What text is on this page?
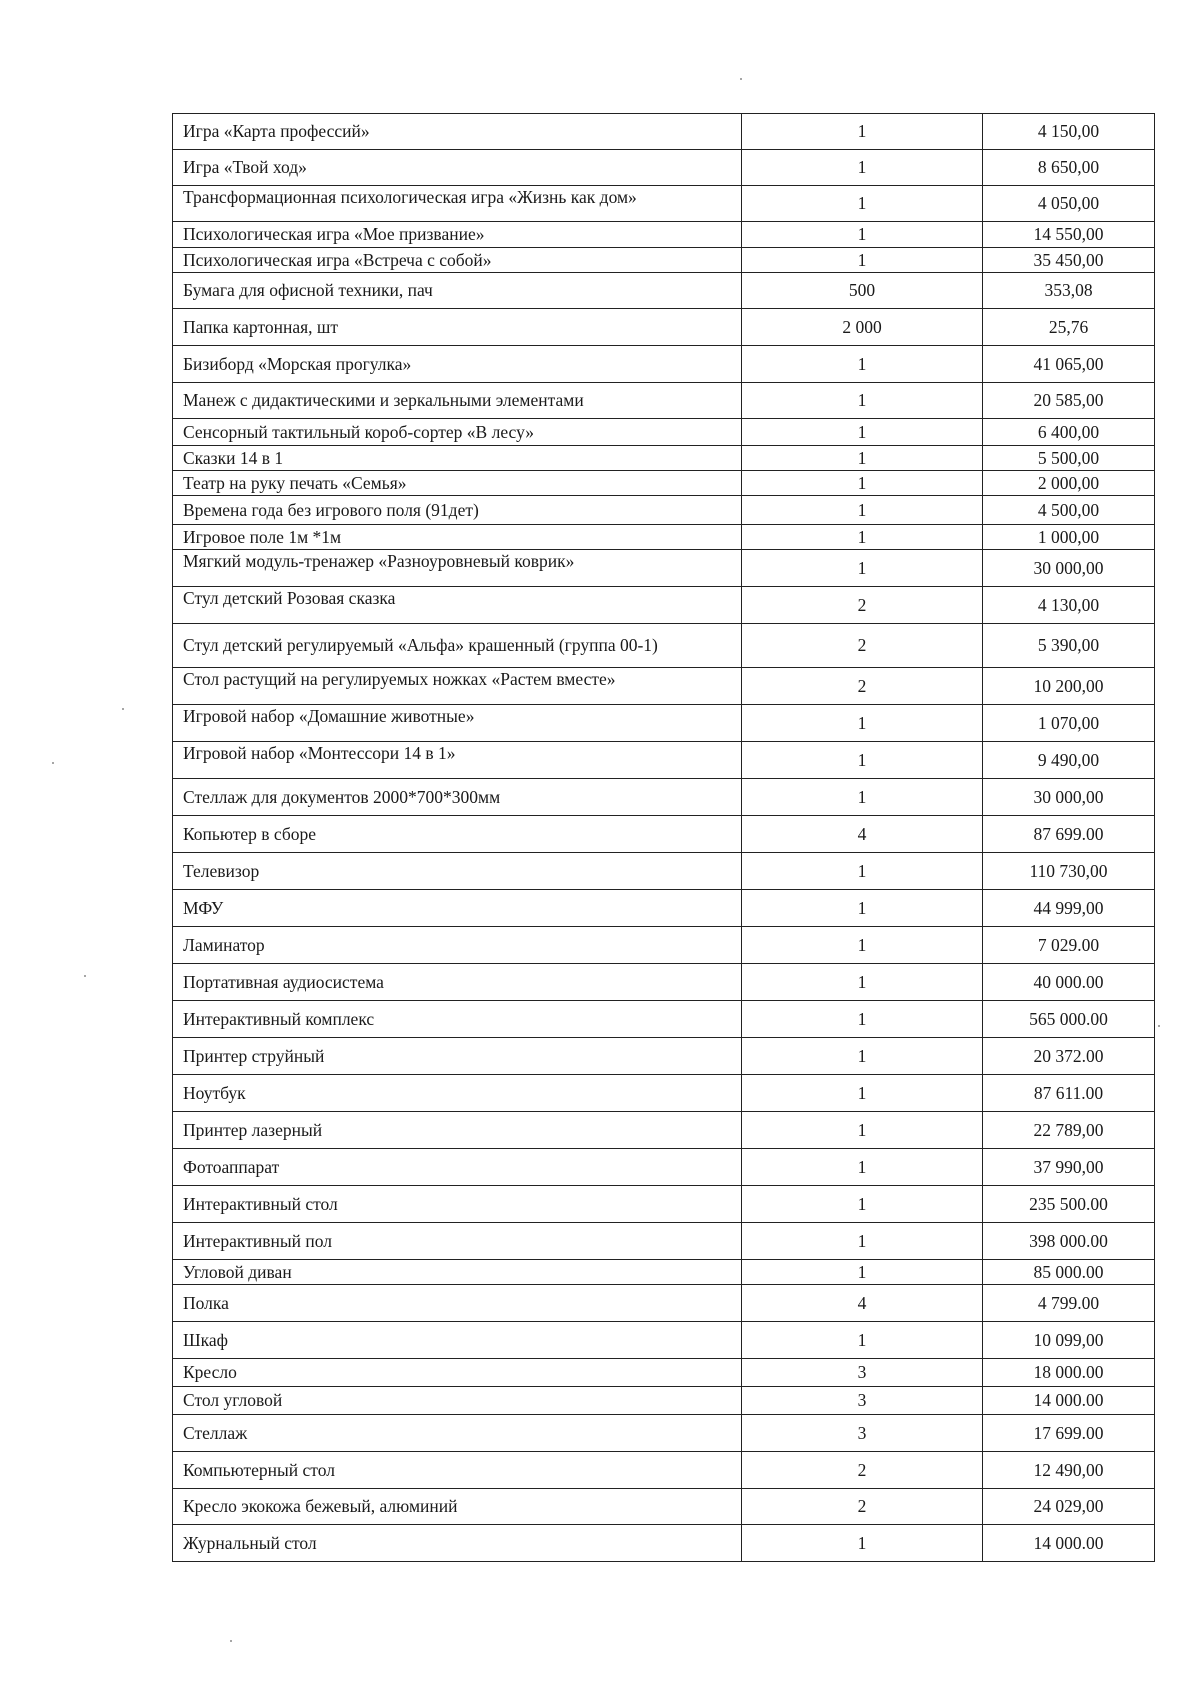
Игра «Карта профессий»	1	4 150,00
Игра «Твой ход»	1	8 650,00
Трансформационная психологическая игра «Жизнь как дом»	1	4 050,00
Психологическая игра «Мое призвание»	1	14 550,00
Психологическая игра «Встреча с собой»	1	35 450,00
Бумага для офисной техники, пач	500	353,08
Папка картонная, шт	2 000	25,76
Бизиборд «Морская прогулка»	1	41 065,00
Манеж с дидактическими и зеркальными элементами	1	20 585,00
Сенсорный тактильный короб-сортер «В лесу»	1	6 400,00
Сказки 14 в 1	1	5 500,00
Театр на руку печать «Семья»	1	2 000,00
Времена года без игрового поля (91дет)	1	4 500,00
Игровое поле 1м *1м	1	1 000,00
Мягкий модуль-тренажер «Разноуровневый коврик»	1	30 000,00
Стул детский Розовая сказка	2	4 130,00
Стул детский регулируемый «Альфа» крашенный (группа 00-1)	2	5 390,00
Стол растущий на регулируемых ножках «Растем вместе»	2	10 200,00
Игровой набор «Домашние животные»	1	1 070,00
Игровой набор «Монтессори 14 в 1»	1	9 490,00
Стеллаж для документов 2000*700*300мм	1	30 000,00
Копьютер в сборе	4	87 699.00
Телевизор	1	110 730,00
МФУ	1	44 999,00
Ламинатор	1	7 029.00
Портативная аудиосистема	1	40 000.00
Интерактивный комплекс	1	565 000.00
Принтер струйный	1	20 372.00
Ноутбук	1	87 611.00
Принтер лазерный	1	22 789,00
Фотоаппарат	1	37 990,00
Интерактивный стол	1	235 500.00
Интерактивный пол	1	398 000.00
Угловой диван	1	85 000.00
Полка	4	4 799.00
Шкаф	1	10 099,00
Кресло	3	18 000.00
Стол угловой	3	14 000.00
Стеллаж	3	17 699.00
Компьютерный стол	2	12 490,00
Кресло экокожа бежевый, алюминий	2	24 029,00
Журнальный стол	1	14 000.00
